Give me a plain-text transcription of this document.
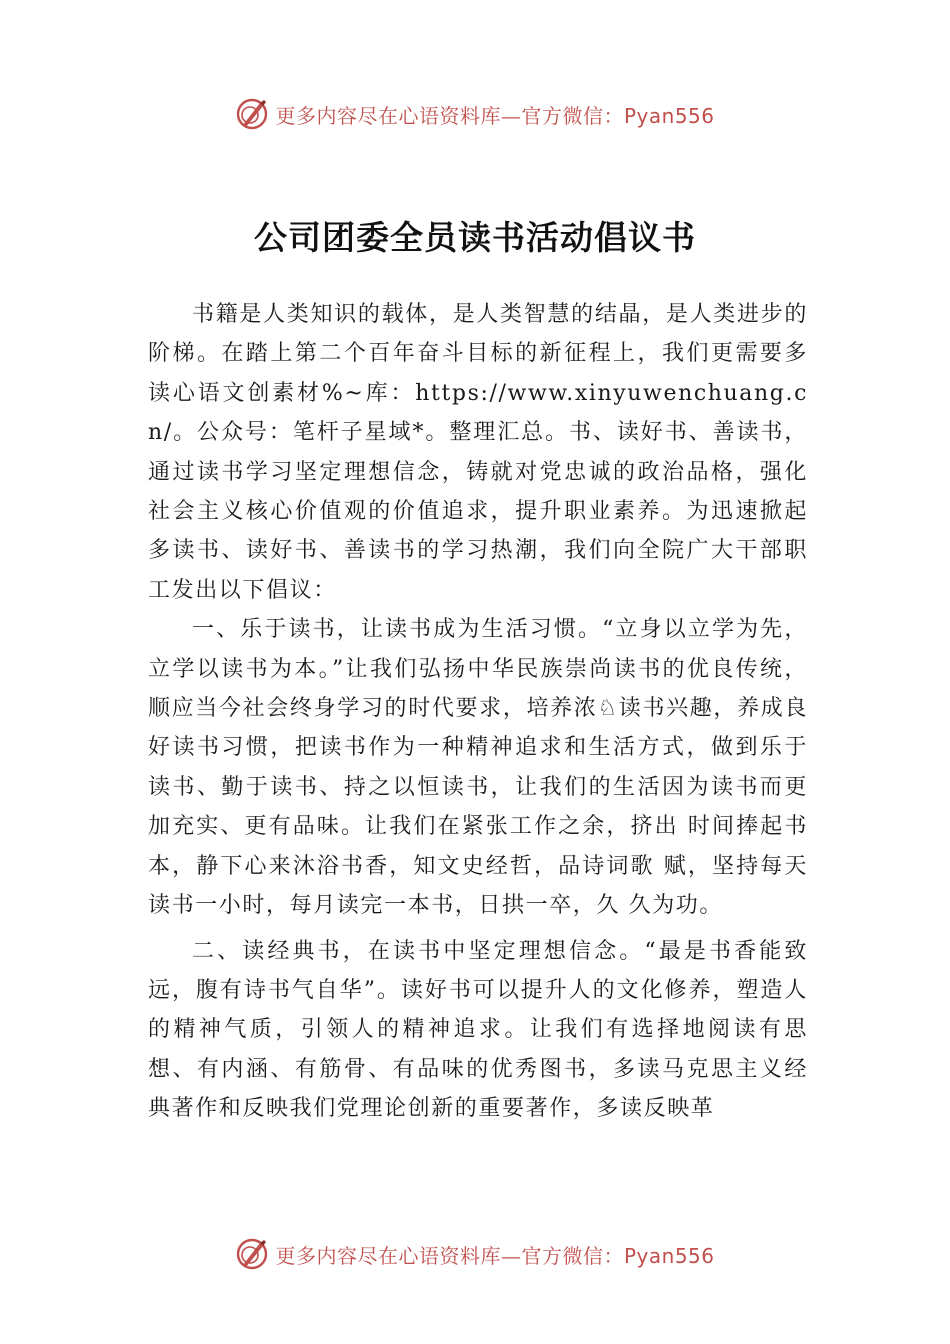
更多内容尽在心语资料库—官方微信：Pyan556
公司团委全员读书活动倡议书

书籍是人类知识的载体，是人类智慧的结晶，是人类进步的阶梯。在踏上第二个百年奋斗目标的新征程上，我们更需要多读心语文创素材%~库：https://www.xinyuwenchuang.cn/。公众号：笔杆子星域*。整理汇总。书、读好书、善读书，通过读书学习坚定理想信念，铸就对党忠诚的政治品格，强化社会主义核心价值观的价值追求，提升职业素养。为迅速掀起多读书、读好书、善读书的学习热潮，我们向全院广大干部职工发出以下倡议：

一、乐于读书，让读书成为生活习惯。“立身以立学为先，立学以读书为本。”让我们弘扬中华民族崇尚读书的优良传统，顺应当今社会终身学习的时代要求，培养浓♘读书兴趣，养成良好读书习惯，把读书作为一种精神追求和生活方式，做到乐于读书、勤于读书、持之以恒读书，让我们的生活因为读书而更加充实、更有品味。让我们在紧张工作之余，挤出 时间捧起书本，静下心来沐浴书香，知文史经哲，品诗词歌 赋，坚持每天读书一小时，每月读完一本书，日拱一卒，久 久为功。

二、读经典书，在读书中坚定理想信念。“最是书香能致远，腹有诗书气自华”。读好书可以提升人的文化修养，塑造人的精神气质，引领人的精神追求。让我们有选择地阅读有思想、有内涵、有筋骨、有品味的优秀图书，多读马克思主义经典著作和反映我们党理论创新的重要著作，多读反映革

更多内容尽在心语资料库—官方微信：Pyan556
